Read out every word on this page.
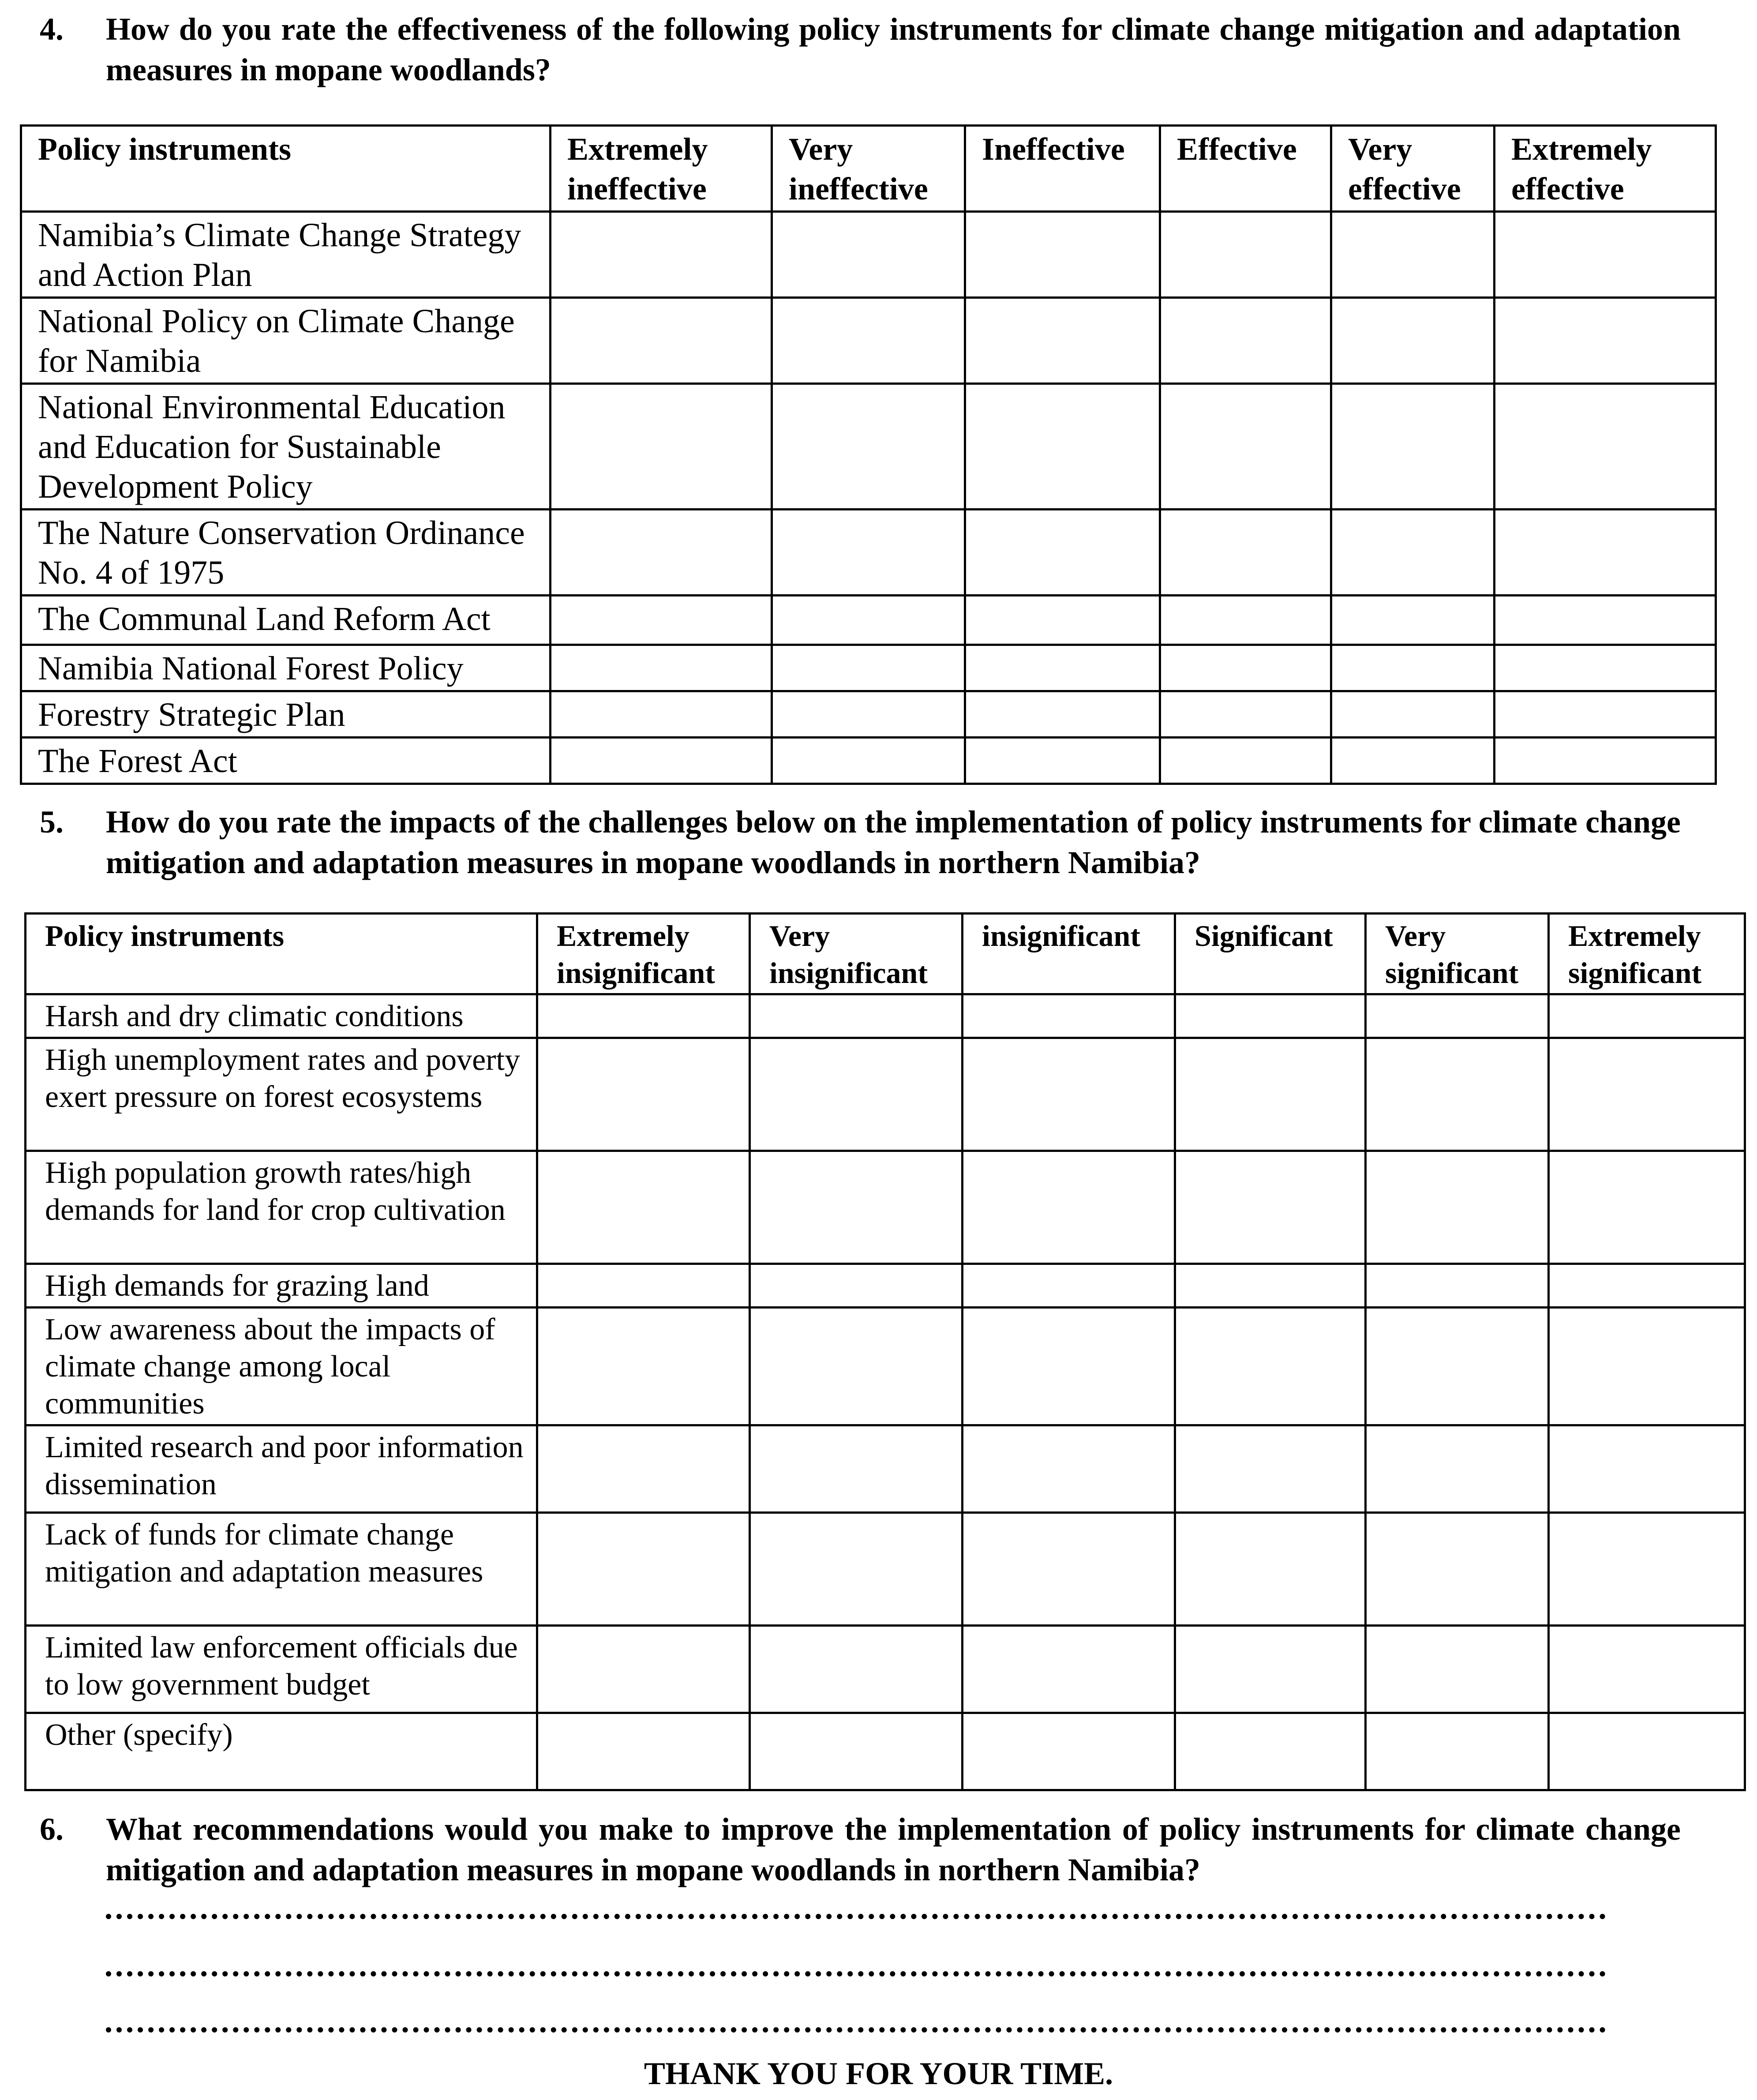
4. How do you rate the effectiveness of the following policy instruments for climate change mitigation and adaptation measures in mopane woodlands?
Policy instruments	Extremely ineffective	Very ineffective	Ineffective	Effective	Very effective	Extremely effective
Namibia’s Climate Change Strategy and Action Plan						
National Policy on Climate Change for Namibia						
National Environmental Education and Education for Sustainable Development Policy						
The Nature Conservation Ordinance No. 4 of 1975						
The Communal Land Reform Act						
Namibia National Forest Policy						
Forestry Strategic Plan						
The Forest Act						
5. How do you rate the impacts of the challenges below on the implementation of policy instruments for climate change mitigation and adaptation measures in mopane woodlands in northern Namibia?
Policy instruments	Extremely insignificant	Very insignificant	insignificant	Significant	Very significant	Extremely significant
Harsh and dry climatic conditions						
High unemployment rates and poverty exert pressure on forest ecosystems						
High population growth rates/high demands for land for crop cultivation						
High demands for grazing land						
Low awareness about the impacts of climate change among local communities						
Limited research and poor information dissemination						
Lack of funds for climate change mitigation and adaptation measures						
Limited law enforcement officials due to low government budget						
Other (specify)						
6. What recommendations would you make to improve the implementation of policy instruments for climate change mitigation and adaptation measures in mopane woodlands in northern Namibia?
THANK YOU FOR YOUR TIME.
